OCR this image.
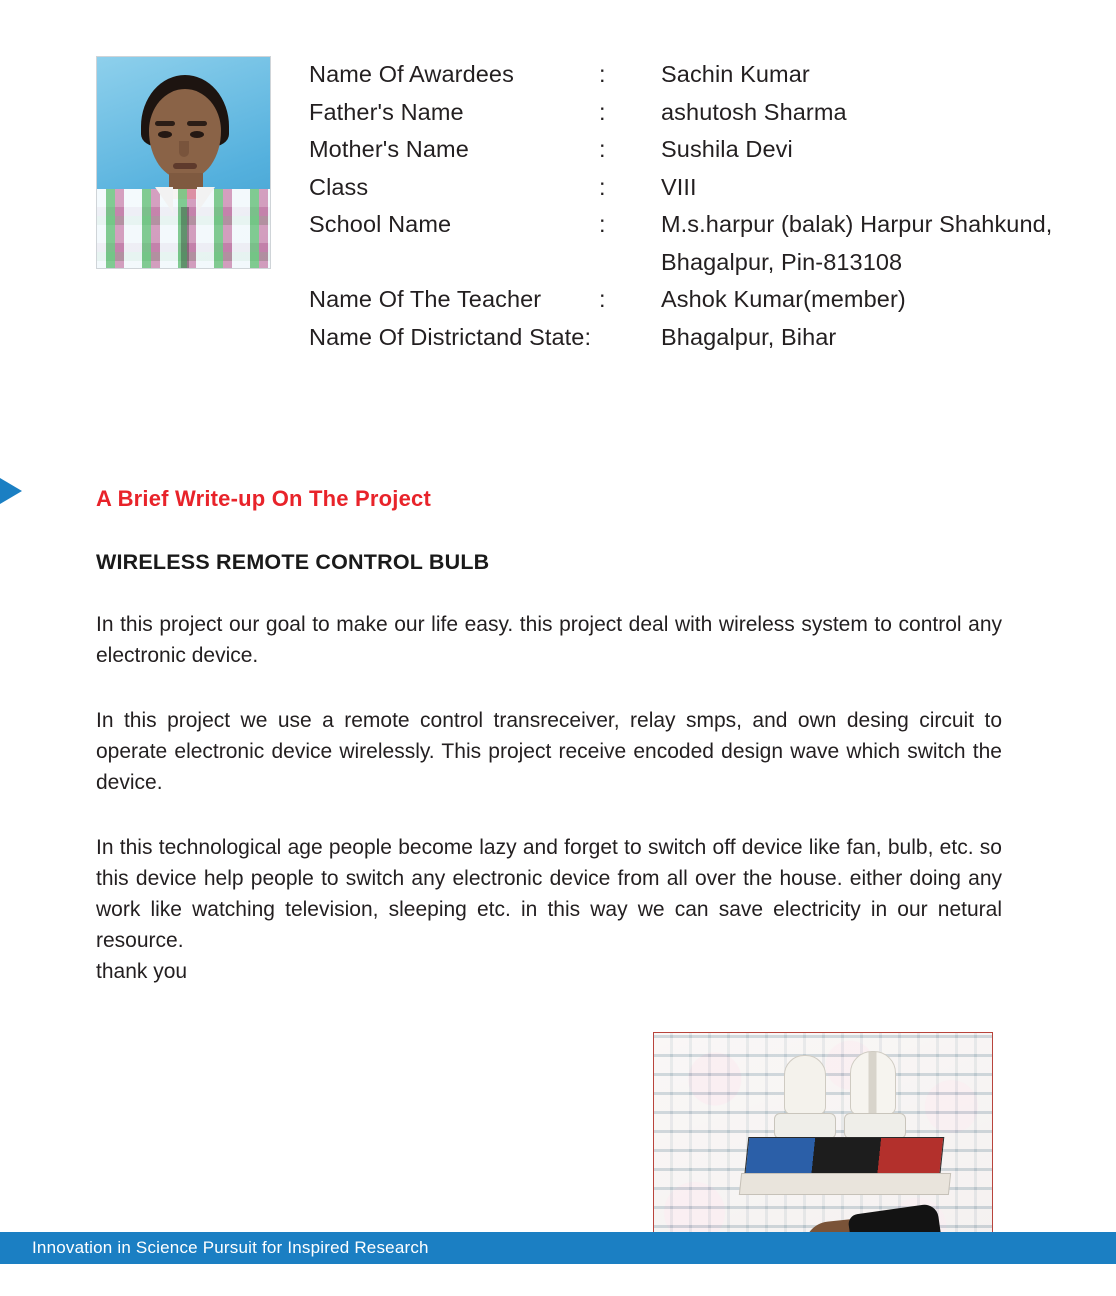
Name Of Awardees	:	Sachin Kumar
Father's Name	:	ashutosh Sharma
Mother's Name	:	Sushila Devi
Class	:	VIII
School Name	:	M.s.harpur (balak) Harpur Shahkund,
Bhagalpur, Pin-813108
Name Of The Teacher	:	Ashok Kumar(member)
Name Of Districtand State:	Bhagalpur, Bihar
A Brief Write-up On The Project
WIRELESS REMOTE CONTROL BULB

In this project our goal to make our life easy. this project deal with wireless system to control any electronic device.

In this project we use a remote control transreceiver, relay smps, and own desing circuit to operate electronic device wirelessly. This project receive encoded design wave which switch the device.

In this technological age people become lazy and forget to switch off device like fan, bulb, etc. so this device help people to switch any electronic device from all over the house. either doing any work like watching television, sleeping etc. in this way we can save electricity in our netural resource.

thank you

Innovation in Science Pursuit for Inspired Research
